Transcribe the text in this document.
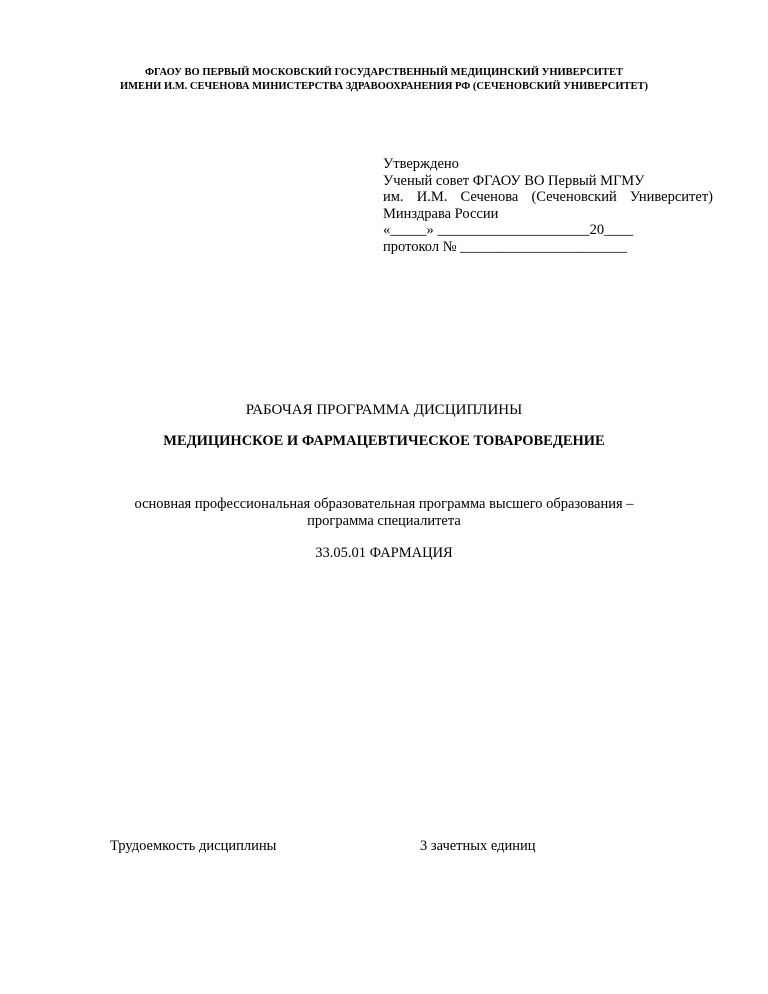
ФГАОУ ВО ПЕРВЫЙ МОСКОВСКИЙ ГОСУДАРСТВЕННЫЙ МЕДИЦИНСКИЙ УНИВЕРСИТЕТ
ИМЕНИ И.М. СЕЧЕНОВА МИНИСТЕРСТВА ЗДРАВООХРАНЕНИЯ РФ (СЕЧЕНОВСКИЙ УНИВЕРСИТЕТ)
Утверждено
Ученый совет ФГАОУ ВО Первый МГМУ
им. И.М. Сеченова (Сеченовский Университет)
Минздрава России
«_____» _____________________20____
протокол № _______________________
РАБОЧАЯ ПРОГРАММА ДИСЦИПЛИНЫ
МЕДИЦИНСКОЕ И ФАРМАЦЕВТИЧЕСКОЕ ТОВАРОВЕДЕНИЕ
основная профессиональная образовательная программа высшего образования –
программа специалитета
33.05.01 ФАРМАЦИЯ
Трудоемкость дисциплины	3 зачетных единиц
